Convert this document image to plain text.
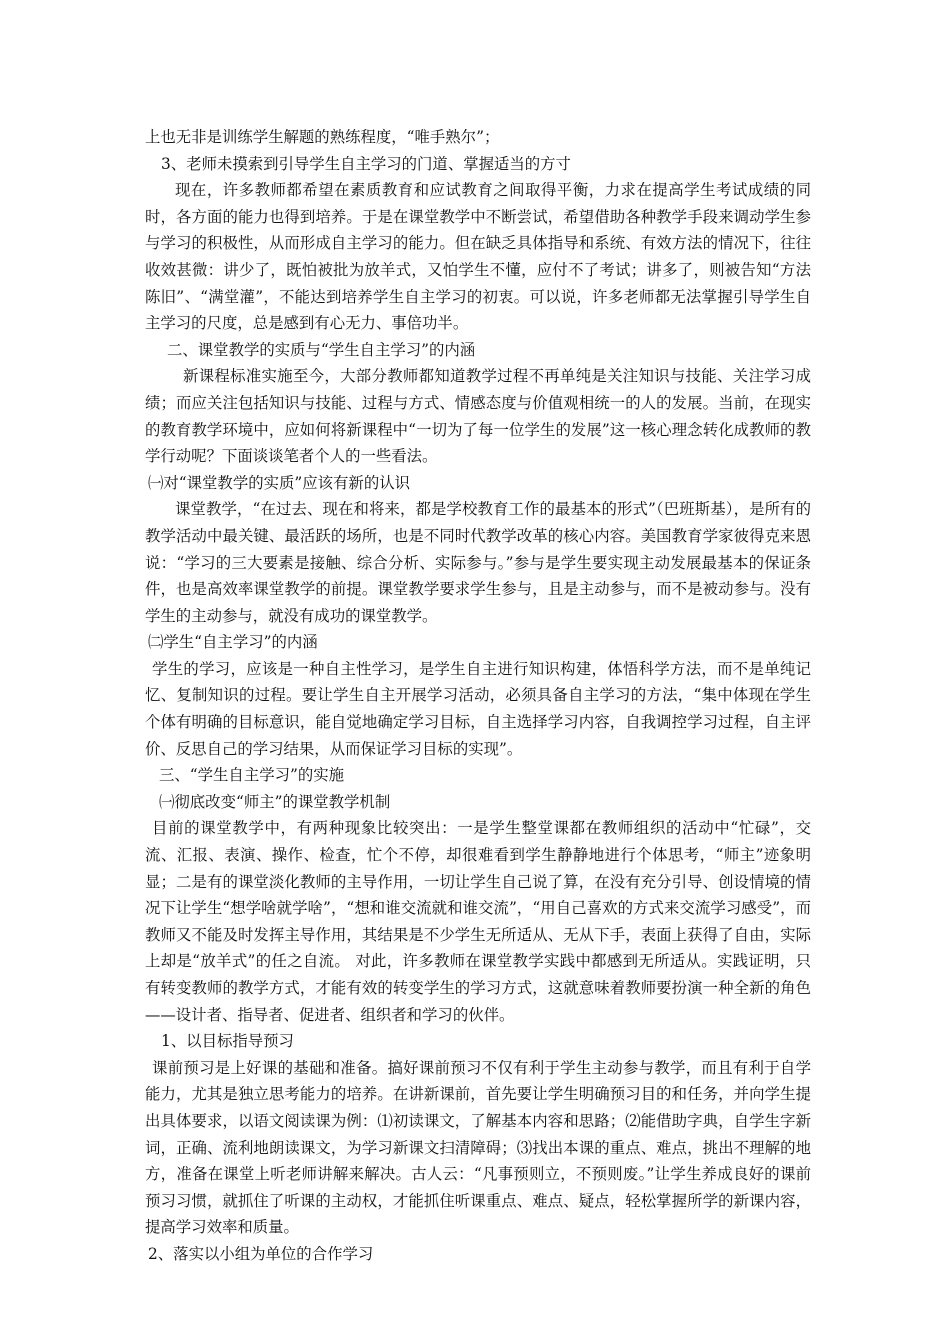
上也无非是训练学生解题的熟练程度，“唯手熟尔”；

3、老师未摸索到引导学生自主学习的门道、掌握适当的方寸

现在，许多教师都希望在素质教育和应试教育之间取得平衡，力求在提高学生考试成绩的同时，各方面的能力也得到培养。于是在课堂教学中不断尝试，希望借助各种教学手段来调动学生参与学习的积极性，从而形成自主学习的能力。但在缺乏具体指导和系统、有效方法的情况下，往往收效甚微：讲少了，既怕被批为放羊式，又怕学生不懂，应付不了考试；讲多了，则被告知“方法陈旧”、“满堂灌”，不能达到培养学生自主学习的初衷。可以说，许多老师都无法掌握引导学生自主学习的尺度，总是感到有心无力、事倍功半。

二、课堂教学的实质与“学生自主学习”的内涵

新课程标准实施至今，大部分教师都知道教学过程不再单纯是关注知识与技能、关注学习成绩；而应关注包括知识与技能、过程与方式、情感态度与价值观相统一的人的发展。当前，在现实的教育教学环境中，应如何将新课程中“一切为了每一位学生的发展”这一核心理念转化成教师的教学行动呢？下面谈谈笔者个人的一些看法。

㈠对“课堂教学的实质”应该有新的认识

课堂教学，“在过去、现在和将来，都是学校教育工作的最基本的形式”（巴班斯基），是所有的教学活动中最关键、最活跃的场所，也是不同时代教学改革的核心内容。美国教育学家彼得克来恩说：“学习的三大要素是接触、综合分析、实际参与。”参与是学生要实现主动发展最基本的保证条件，也是高效率课堂教学的前提。课堂教学要求学生参与，且是主动参与，而不是被动参与。没有学生的主动参与，就没有成功的课堂教学。

㈡学生“自主学习”的内涵

学生的学习，应该是一种自主性学习，是学生自主进行知识构建，体悟科学方法，而不是单纯记忆、复制知识的过程。要让学生自主开展学习活动，必须具备自主学习的方法，“集中体现在学生个体有明确的目标意识，能自觉地确定学习目标，自主选择学习内容，自我调控学习过程，自主评价、反思自己的学习结果，从而保证学习目标的实现”。

三、“学生自主学习”的实施

㈠彻底改变“师主”的课堂教学机制

目前的课堂教学中，有两种现象比较突出：一是学生整堂课都在教师组织的活动中“忙碌”，交流、汇报、表演、操作、检查，忙个不停，却很难看到学生静静地进行个体思考，“师主”迹象明显；二是有的课堂淡化教师的主导作用，一切让学生自己说了算，在没有充分引导、创设情境的情况下让学生“想学啥就学啥”，“想和谁交流就和谁交流”，“用自己喜欢的方式来交流学习感受”，而教师又不能及时发挥主导作用，其结果是不少学生无所适从、无从下手，表面上获得了自由，实际上却是“放羊式”的任之自流。 对此，许多教师在课堂教学实践中都感到无所适从。实践证明，只有转变教师的教学方式，才能有效的转变学生的学习方式，这就意味着教师要扮演一种全新的角色——设计者、指导者、促进者、组织者和学习的伙伴。

1、以目标指导预习

课前预习是上好课的基础和准备。搞好课前预习不仅有利于学生主动参与教学，而且有利于自学能力，尤其是独立思考能力的培养。在讲新课前，首先要让学生明确预习目的和任务，并向学生提出具体要求，以语文阅读课为例：⑴初读课文，了解基本内容和思路；⑵能借助字典，自学生字新词，正确、流利地朗读课文，为学习新课文扫清障碍；⑶找出本课的重点、难点，挑出不理解的地方，准备在课堂上听老师讲解来解决。古人云：“凡事预则立，不预则废。”让学生养成良好的课前预习习惯，就抓住了听课的主动权，才能抓住听课重点、难点、疑点，轻松掌握所学的新课内容，提高学习效率和质量。

2、落实以小组为单位的合作学习
